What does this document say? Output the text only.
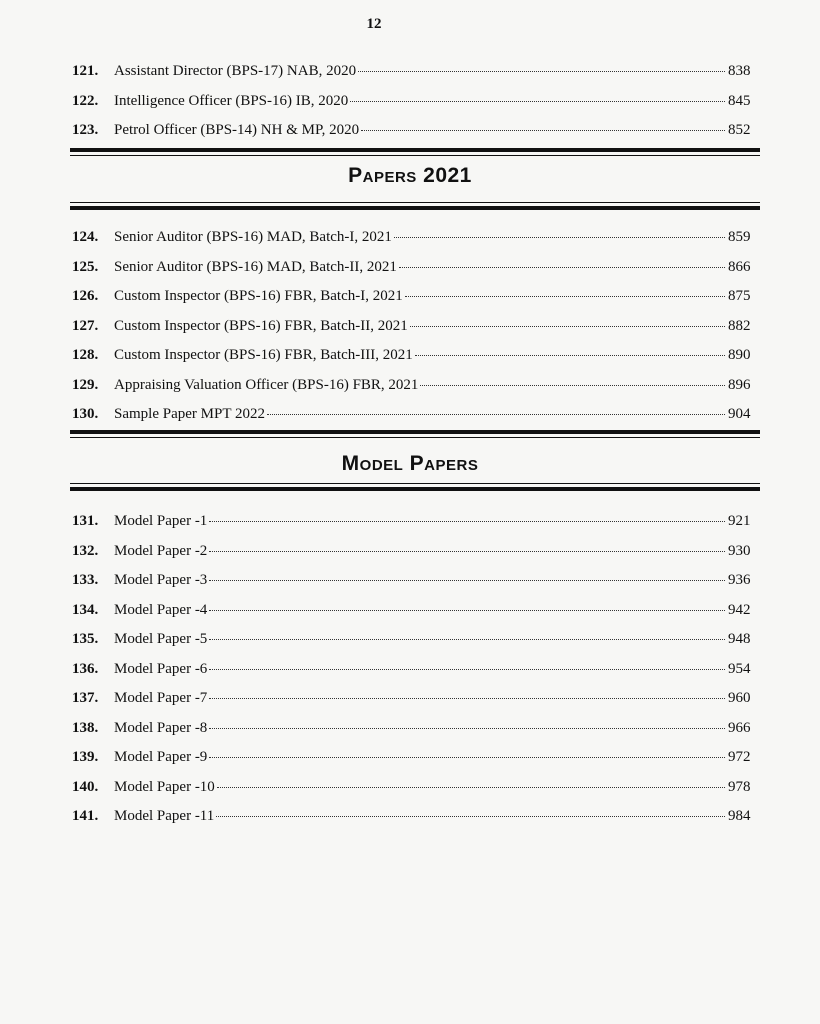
12
121.	Assistant Director (BPS-17) NAB, 2020	838
122.	Intelligence Officer (BPS-16) IB, 2020	845
123.	Petrol Officer (BPS-14) NH & MP, 2020	852
Papers 2021
124.	Senior Auditor (BPS-16) MAD, Batch-I, 2021	859
125.	Senior Auditor (BPS-16) MAD, Batch-II, 2021	866
126.	Custom Inspector (BPS-16) FBR, Batch-I, 2021	875
127.	Custom Inspector (BPS-16) FBR, Batch-II, 2021	882
128.	Custom Inspector (BPS-16) FBR, Batch-III, 2021	890
129.	Appraising Valuation Officer (BPS-16) FBR, 2021	896
130.	Sample Paper MPT 2022	904
Model Papers
131.	Model Paper -1	921
132.	Model Paper -2	930
133.	Model Paper -3	936
134.	Model Paper -4	942
135.	Model Paper -5	948
136.	Model Paper -6	954
137.	Model Paper -7	960
138.	Model Paper -8	966
139.	Model Paper -9	972
140.	Model Paper -10	978
141.	Model Paper -11	984
